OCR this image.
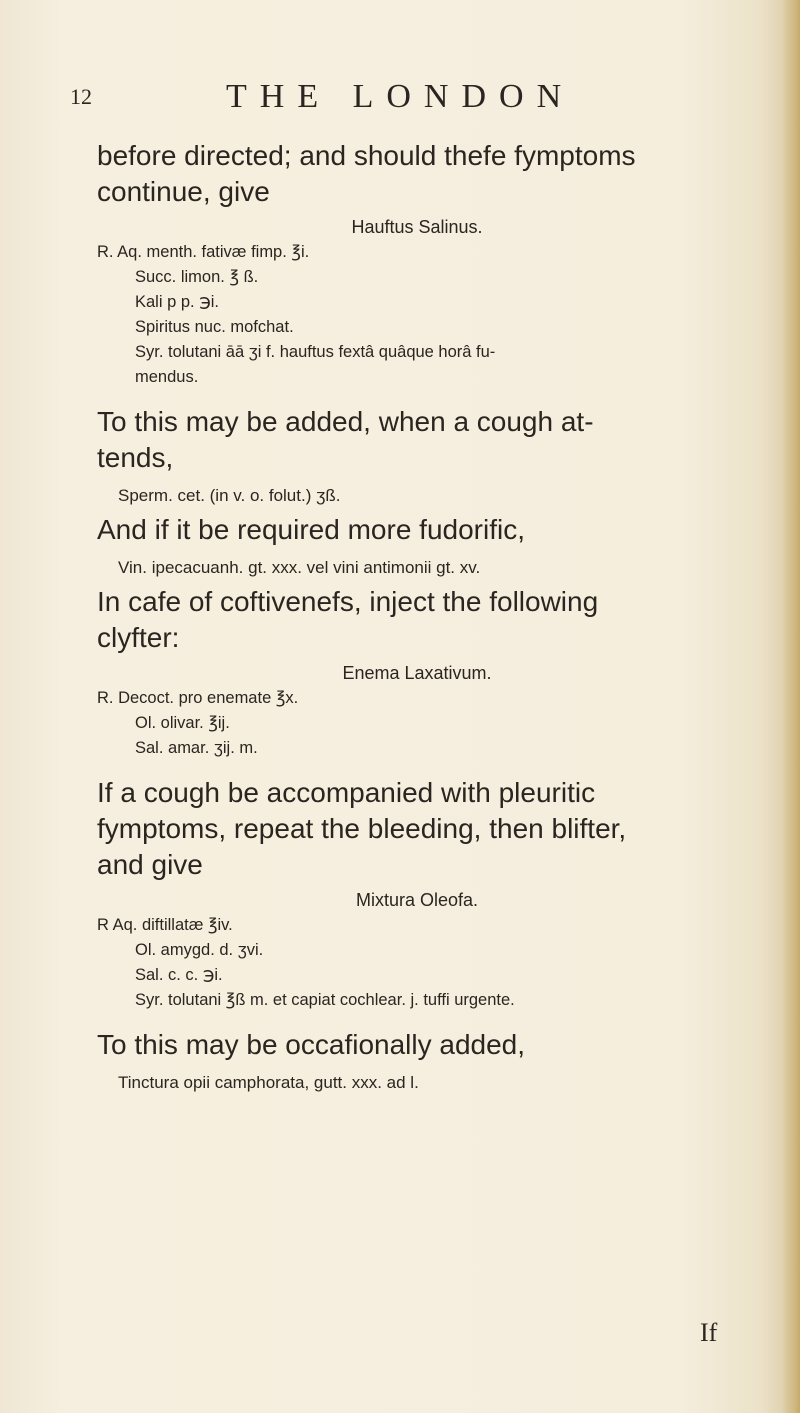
12	THE LONDON

before directed; and should thefe fymptoms

continue, give

Hauftus Salinus.

R. Aq. menth. fativæ fimp. ℥i.

Succ. limon. ℥ ß.

Kali p p. ℈i.

Spiritus nuc. mofchat.

Syr. tolutani āā ʒi f. hauftus fextâ quâque horâ fu-

mendus.

To this may be added, when a cough at-

tends,

Sperm. cet. (in v. o. folut.) ʒß.

And if it be required more fudorific,

Vin. ipecacuanh. gt. xxx. vel vini antimonii gt. xv.

In cafe of coftivenefs, inject the following

clyfter:

Enema Laxativum.

R. Decoct. pro enemate ℥x.

Ol. olivar. ℥ij.

Sal. amar. ʒij. m.

If a cough be accompanied with pleuritic

fymptoms, repeat the bleeding, then blifter,

and give

Mixtura Oleofa.

R Aq. diftillatæ ℥iv.

Ol. amygd. d. ʒvi.

Sal. c. c. ℈i.

Syr. tolutani ℥ß m. et capiat cochlear. j. tuffi urgente.

To this may be occafionally added,

Tinctura opii camphorata, gutt. xxx. ad l.

If
